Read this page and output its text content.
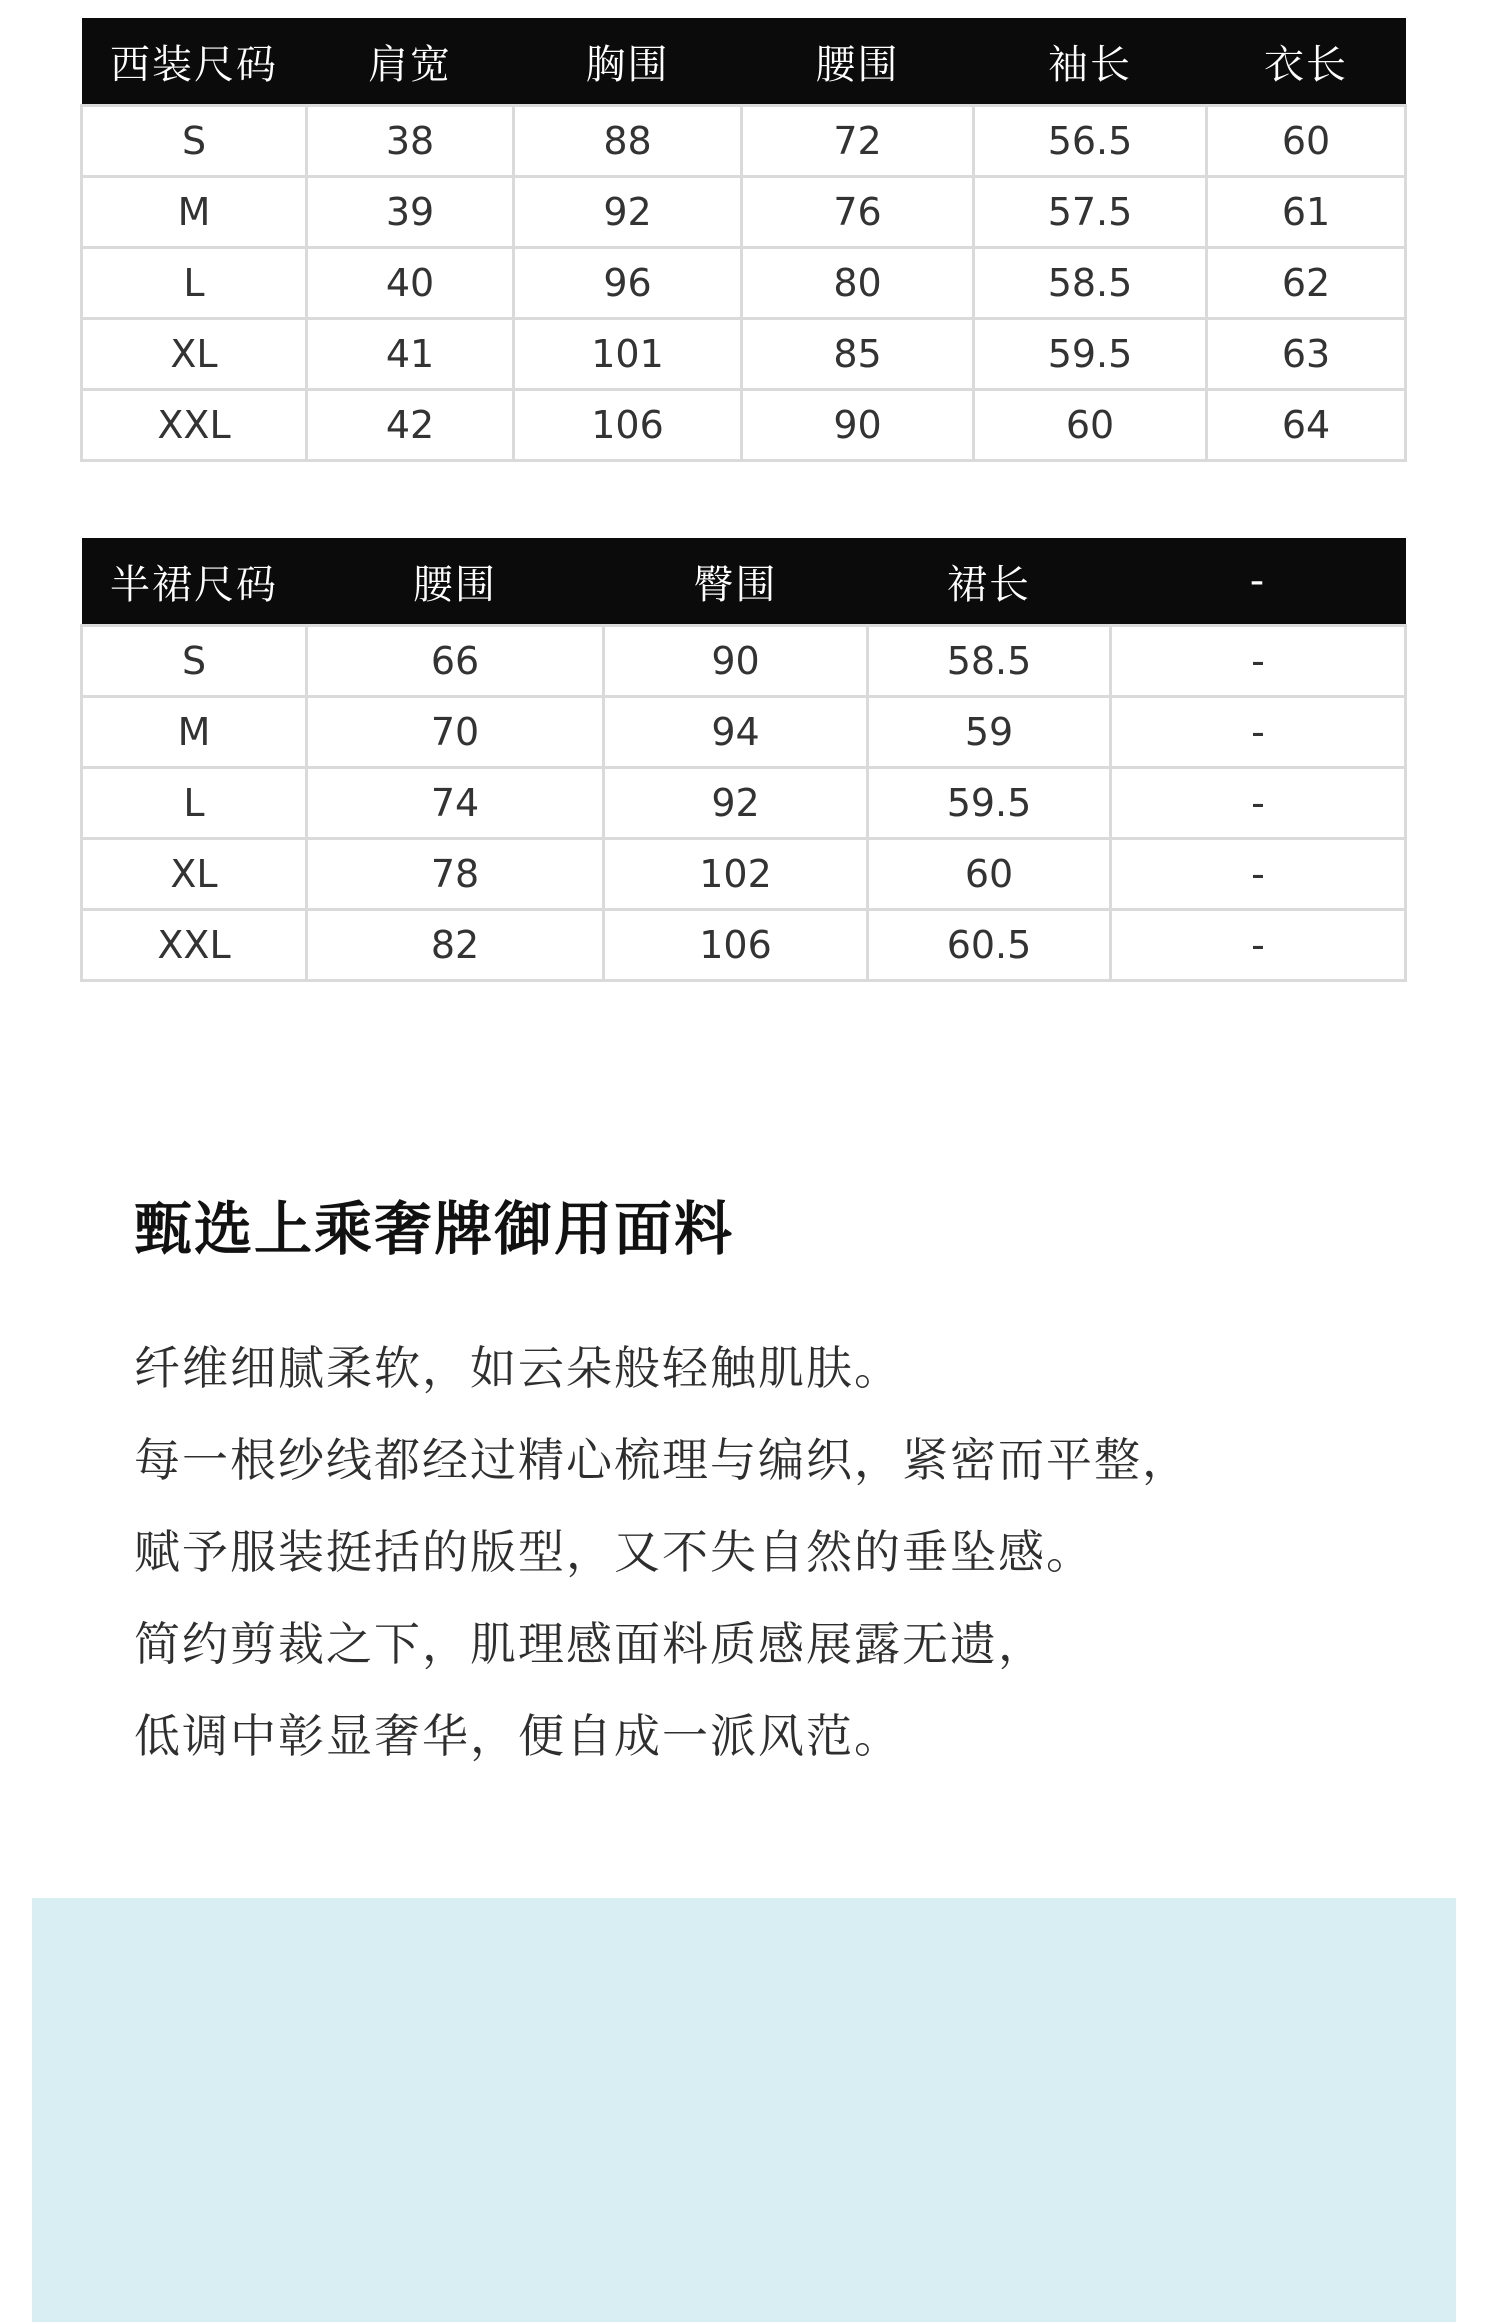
西装尺码	肩宽	胸围	腰围	袖长	衣长
S	38	88	72	56.5	60
M	39	92	76	57.5	61
L	40	96	80	58.5	62
XL	41	101	85	59.5	63
XXL	42	106	90	60	64
半裙尺码	腰围	臀围	裙长	-
S	66	90	58.5	-
M	70	94	59	-
L	74	92	59.5	-
XL	78	102	60	-
XXL	82	106	60.5	-
甄选上乘奢牌御用面料
纤维细腻柔软，如云朵般轻触肌肤。
每一根纱线都经过精心梳理与编织，紧密而平整，
赋予服装挺括的版型，又不失自然的垂坠感。
简约剪裁之下，肌理感面料质感展露无遗，
低调中彰显奢华，便自成一派风范。
